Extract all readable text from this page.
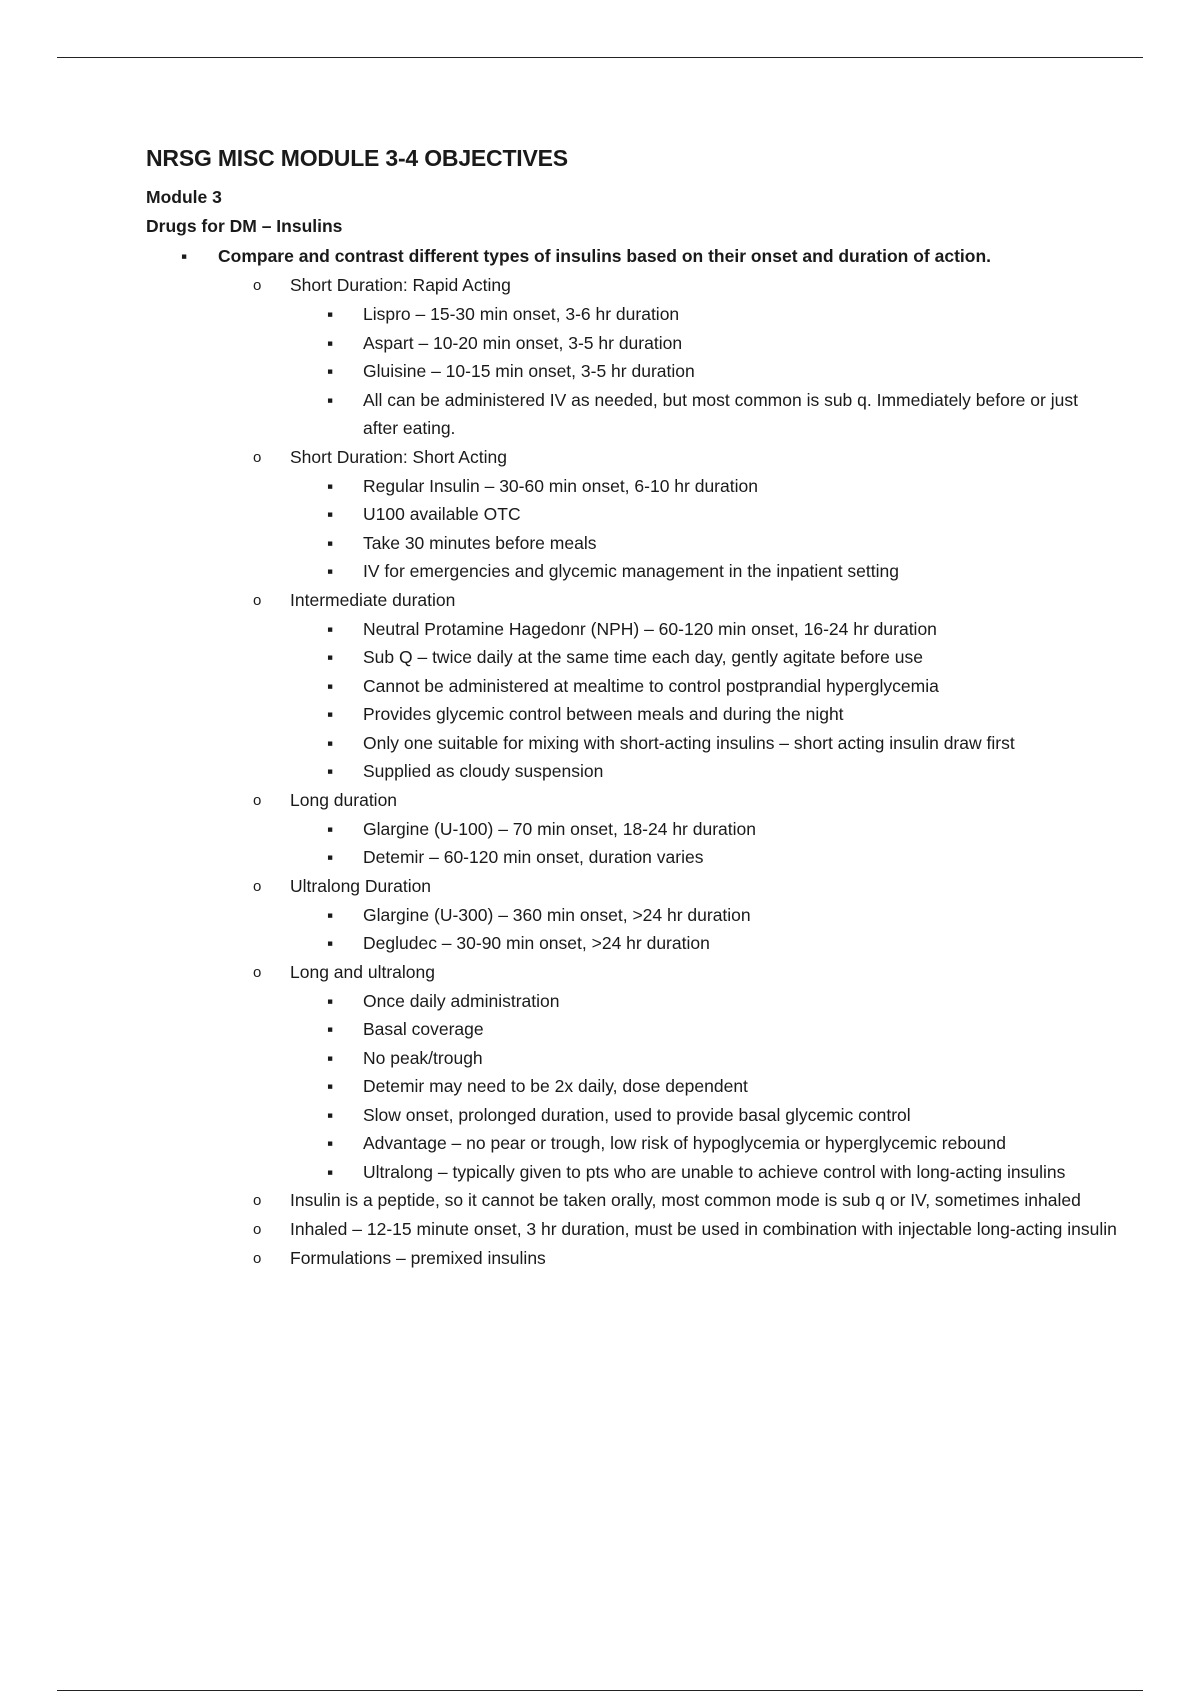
NRSG MISC MODULE 3-4 OBJECTIVES
Module 3
Drugs for DM – Insulins
▪ Compare and contrast different types of insulins based on their onset and duration of action.
o Short Duration: Rapid Acting
▪ Lispro – 15-30 min onset, 3-6 hr duration
▪ Aspart – 10-20 min onset, 3-5 hr duration
▪ Gluisine – 10-15 min onset, 3-5 hr duration
▪ All can be administered IV as needed, but most common is sub q. Immediately before or just after eating.
o Short Duration: Short Acting
▪ Regular Insulin – 30-60 min onset, 6-10 hr duration
▪ U100 available OTC
▪ Take 30 minutes before meals
▪ IV for emergencies and glycemic management in the inpatient setting
o Intermediate duration
▪ Neutral Protamine Hagedonr (NPH) – 60-120 min onset, 16-24 hr duration
▪ Sub Q – twice daily at the same time each day, gently agitate before use
▪ Cannot be administered at mealtime to control postprandial hyperglycemia
▪ Provides glycemic control between meals and during the night
▪ Only one suitable for mixing with short-acting insulins – short acting insulin draw first
▪ Supplied as cloudy suspension
o Long duration
▪ Glargine (U-100) – 70 min onset, 18-24 hr duration
▪ Detemir – 60-120 min onset, duration varies
o Ultralong Duration
▪ Glargine (U-300) – 360 min onset, >24 hr duration
▪ Degludec – 30-90 min onset, >24 hr duration
o Long and ultralong
▪ Once daily administration
▪ Basal coverage
▪ No peak/trough
▪ Detemir may need to be 2x daily, dose dependent
▪ Slow onset, prolonged duration, used to provide basal glycemic control
▪ Advantage – no pear or trough, low risk of hypoglycemia or hyperglycemic rebound
▪ Ultralong – typically given to pts who are unable to achieve control with long-acting insulins
o Insulin is a peptide, so it cannot be taken orally, most common mode is sub q or IV, sometimes inhaled
o Inhaled – 12-15 minute onset, 3 hr duration, must be used in combination with injectable long-acting insulin
o Formulations – premixed insulins
